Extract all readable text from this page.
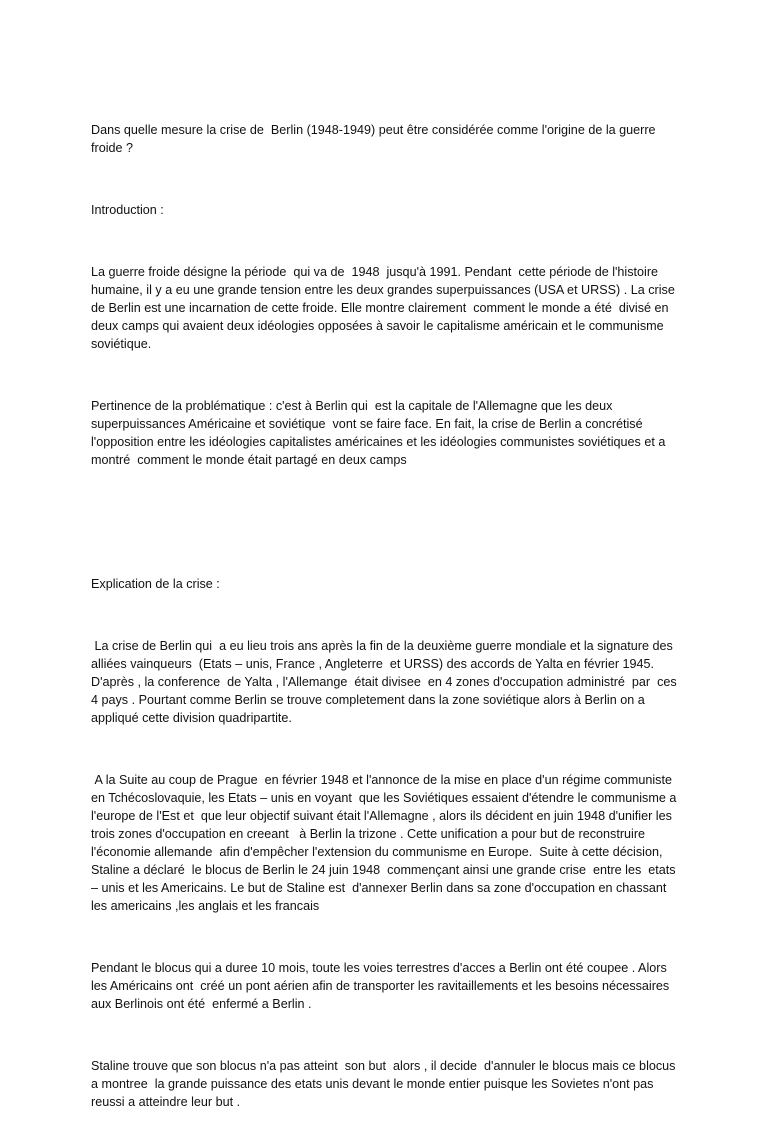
Dans quelle mesure la crise de  Berlin (1948-1949) peut être considérée comme l'origine de la guerre froide ?

Introduction :

La guerre froide désigne la période  qui va de  1948  jusqu'à 1991. Pendant  cette période de l'histoire humaine, il y a eu une grande tension entre les deux grandes superpuissances (USA et URSS) . La crise de Berlin est une incarnation de cette froide. Elle montre clairement  comment le monde a été  divisé en deux camps qui avaient deux idéologies opposées à savoir le capitalisme américain et le communisme soviétique.

Pertinence de la problématique : c'est à Berlin qui  est la capitale de l'Allemagne que les deux superpuissances Américaine et soviétique  vont se faire face. En fait, la crise de Berlin a concrétisé l'opposition entre les idéologies capitalistes américaines et les idéologies communistes soviétiques et a montré  comment le monde était partagé en deux camps

Explication de la crise :

La crise de Berlin qui  a eu lieu trois ans après la fin de la deuxième guerre mondiale et la signature des alliées vainqueurs  (Etats – unis, France , Angleterre  et URSS) des accords de Yalta en février 1945.  D'après , la conference  de Yalta , l'Allemange  était divisee  en 4 zones d'occupation administré  par  ces 4 pays . Pourtant comme Berlin se trouve completement dans la zone soviétique alors à Berlin on a appliqué cette division quadripartite.

A la Suite au coup de Prague  en février 1948 et l'annonce de la mise en place d'un régime communiste en Tchécoslovaquie, les Etats – unis en voyant  que les Soviétiques essaient d'étendre le communisme a l'europe de l'Est et  que leur objectif suivant était l'Allemagne , alors ils décident en juin 1948 d'unifier les trois zones d'occupation en creeant   à Berlin la trizone . Cette unification a pour but de reconstruire l'économie allemande  afin d'empêcher l'extension du communisme en Europe.  Suite à cette décision, Staline a déclaré  le blocus de Berlin le 24 juin 1948  commençant ainsi une grande crise  entre les  etats – unis et les Americains. Le but de Staline est  d'annexer Berlin dans sa zone d'occupation en chassant les americains ,les anglais et les francais

Pendant le blocus qui a duree 10 mois, toute les voies terrestres d'acces a Berlin ont été coupee . Alors les Américains ont  créé un pont aérien afin de transporter les ravitaillements et les besoins nécessaires aux Berlinois ont été  enfermé a Berlin .

Staline trouve que son blocus n'a pas atteint  son but  alors , il decide  d'annuler le blocus mais ce blocus a montree  la grande puissance des etats unis devant le monde entier puisque les Sovietes n'ont pas reussi a atteindre leur but .
